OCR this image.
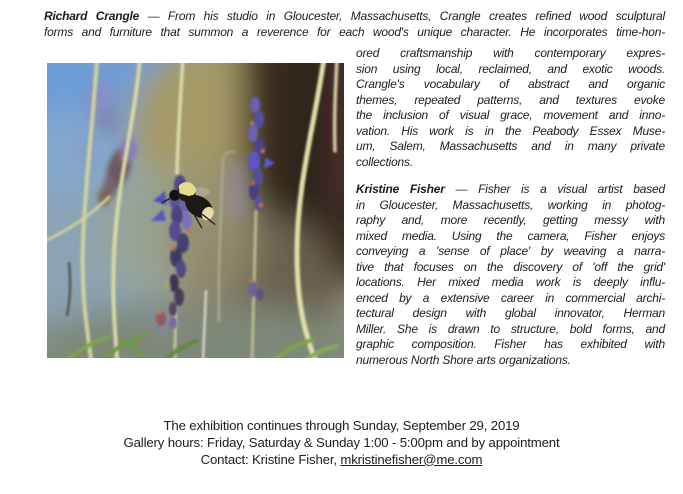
Richard Crangle — From his studio in Gloucester, Massachusetts, Crangle creates refined wood sculptural
forms and furniture that summon a reverence for each wood's unique character. He incorporates time-hon-
ored craftsmanship with contemporary expres-
sion using local, reclaimed, and exotic woods.
Crangle's vocabulary of abstract and organic
themes, repeated patterns, and textures evoke
the inclusion of visual grace, movement and inno-
vation. His work is in the Peabody Essex Muse-
um, Salem, Massachusetts and in many private
collections.
Kristine Fisher — Fisher is a visual artist based
in Gloucester, Massachusetts, working in photog-
raphy and, more recently, getting messy with
mixed media. Using the camera, Fisher enjoys
conveying a 'sense of place' by weaving a narra-
tive that focuses on the discovery of 'off the grid'
locations. Her mixed media work is deeply influ-
enced by a extensive career in commercial archi-
tectural design with global innovator, Herman
Miller. She is drawn to structure, bold forms, and
graphic composition. Fisher has exhibited with
numerous North Shore arts organizations.
The exhibition continues through Sunday, September 29, 2019
Gallery hours: Friday, Saturday & Sunday 1:00 - 5:00pm and by appointment
Contact: Kristine Fisher, mkristinefisher@me.com
